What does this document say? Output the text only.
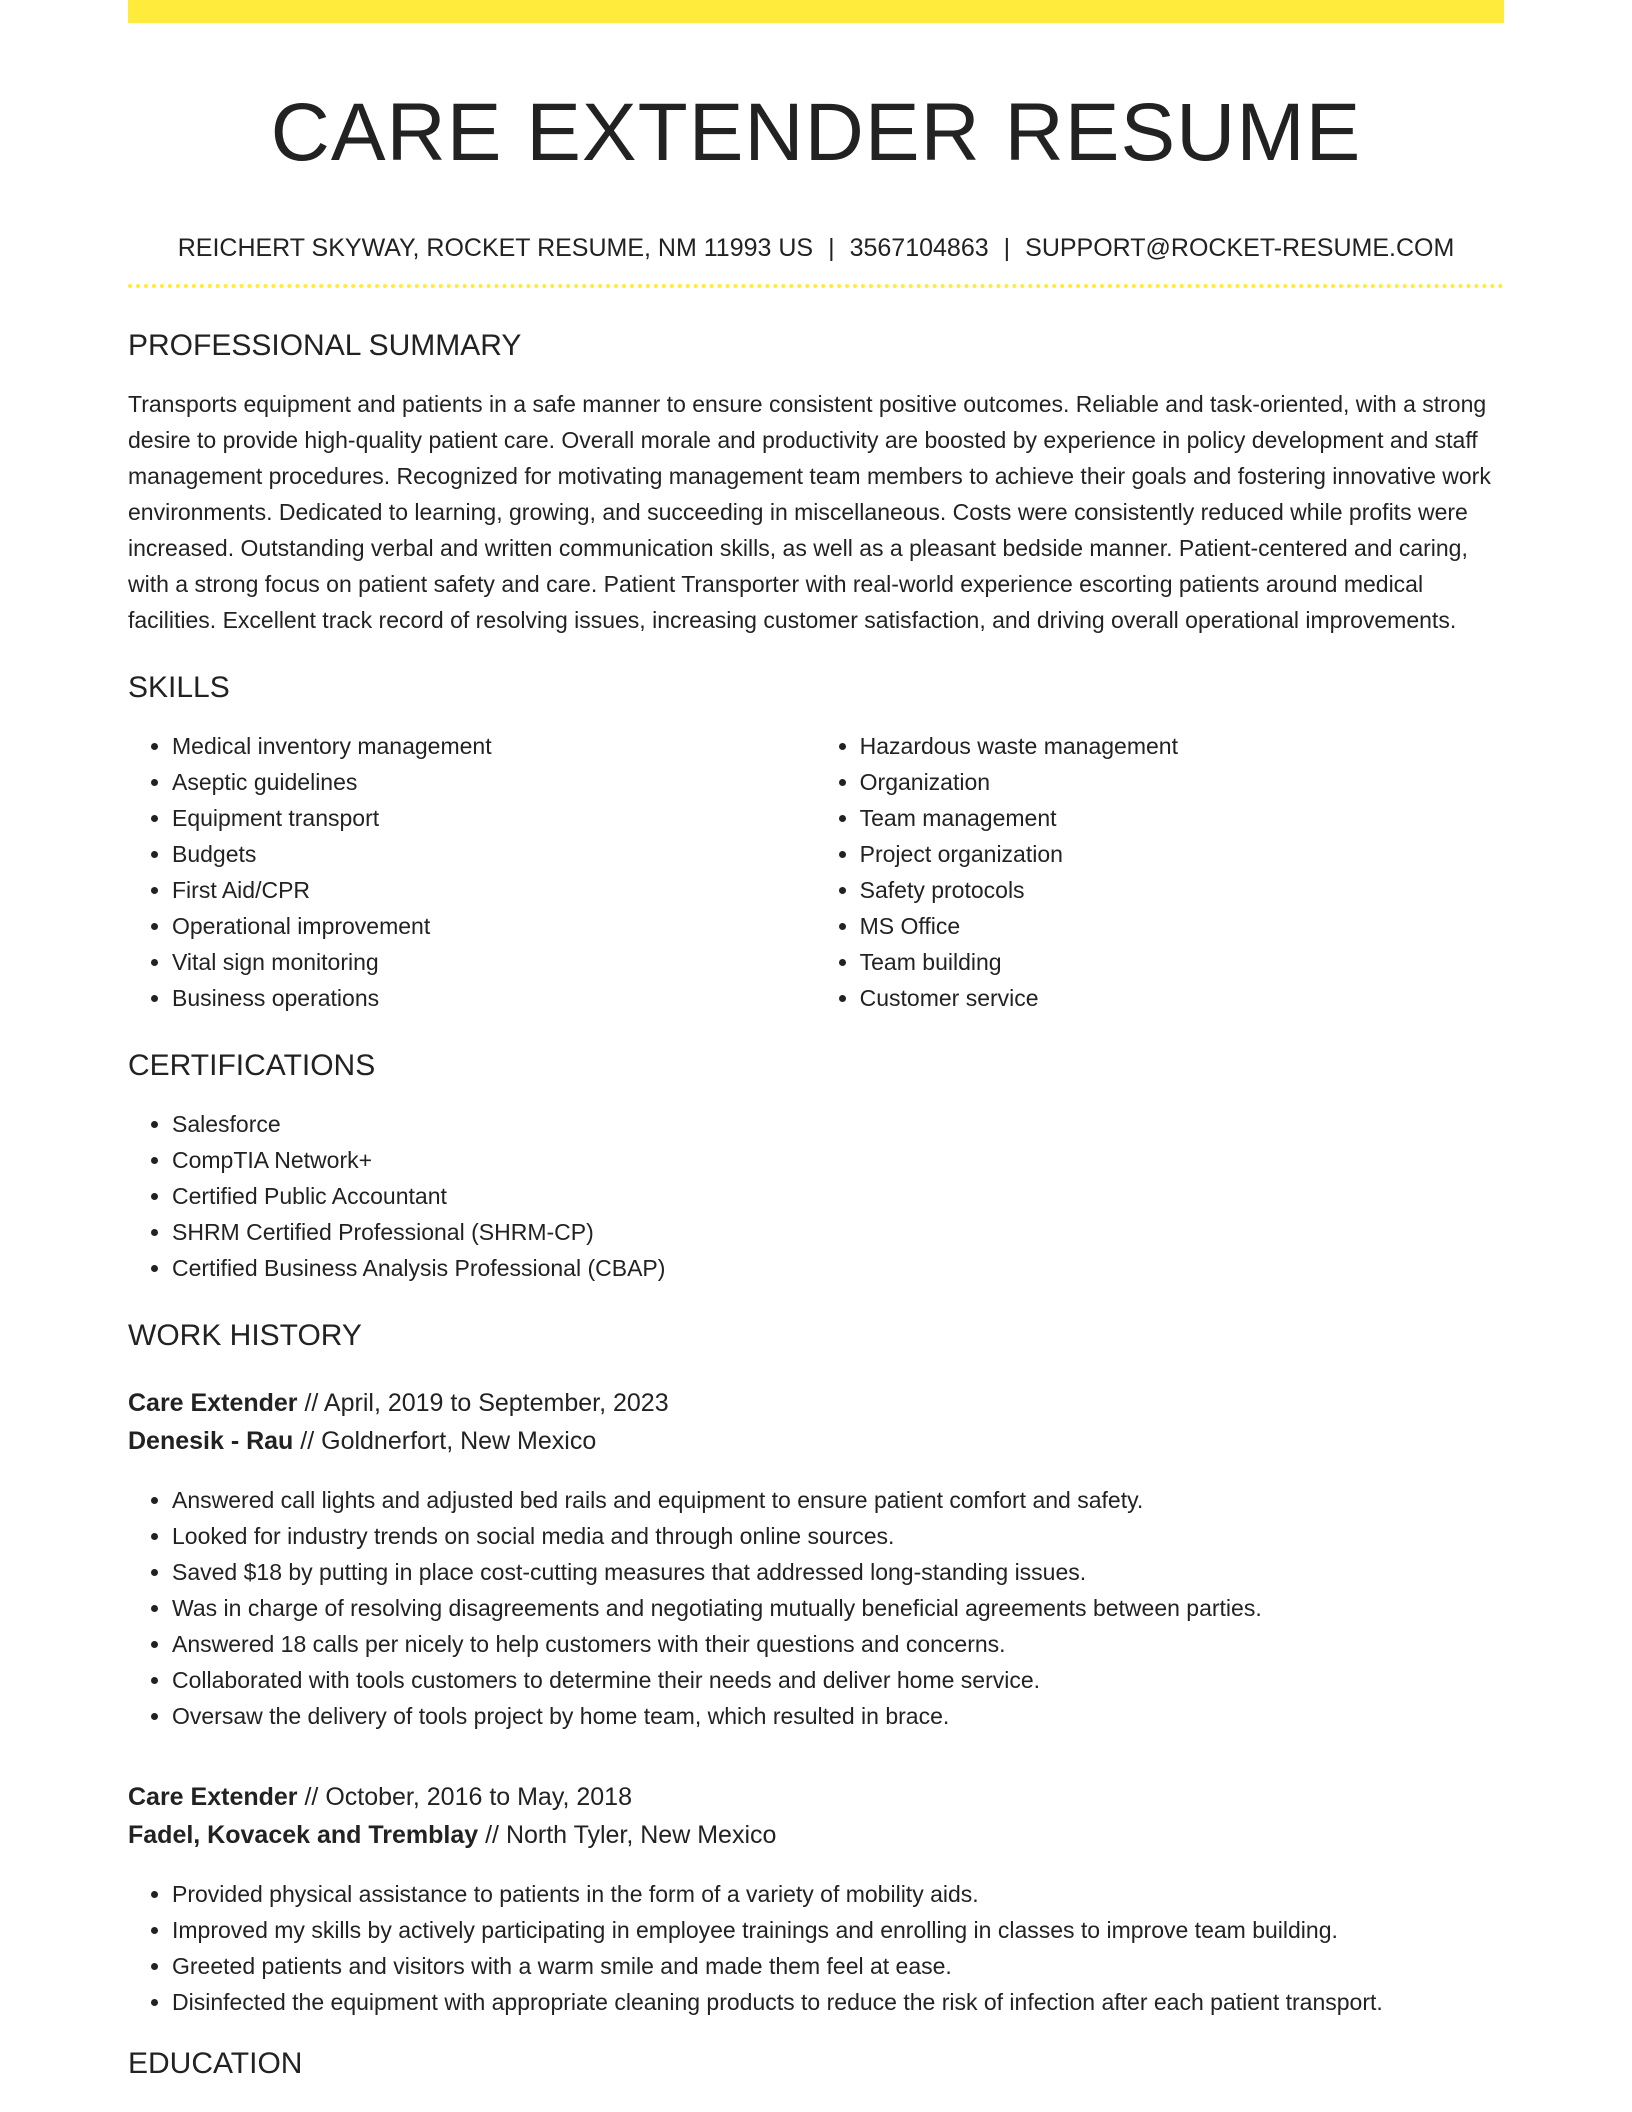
CARE EXTENDER RESUME
REICHERT SKYWAY, ROCKET RESUME, NM 11993 US | 3567104863 | SUPPORT@ROCKET-RESUME.COM
PROFESSIONAL SUMMARY

Transports equipment and patients in a safe manner to ensure consistent positive outcomes. Reliable and task-oriented, with a strong desire to provide high-quality patient care. Overall morale and productivity are boosted by experience in policy development and staff management procedures. Recognized for motivating management team members to achieve their goals and fostering innovative work environments. Dedicated to learning, growing, and succeeding in miscellaneous. Costs were consistently reduced while profits were increased. Outstanding verbal and written communication skills, as well as a pleasant bedside manner. Patient-centered and caring, with a strong focus on patient safety and care. Patient Transporter with real-world experience escorting patients around medical facilities. Excellent track record of resolving issues, increasing customer satisfaction, and driving overall operational improvements.

SKILLS
• Medical inventory management
• Aseptic guidelines
• Equipment transport
• Budgets
• First Aid/CPR
• Operational improvement
• Vital sign monitoring
• Business operations
• Hazardous waste management
• Organization
• Team management
• Project organization
• Safety protocols
• MS Office
• Team building
• Customer service
CERTIFICATIONS
• Salesforce
• CompTIA Network+
• Certified Public Accountant
• SHRM Certified Professional (SHRM-CP)
• Certified Business Analysis Professional (CBAP)
WORK HISTORY

Care Extender // April, 2019 to September, 2023

Denesik - Rau // Goldnerfort, New Mexico

• Answered call lights and adjusted bed rails and equipment to ensure patient comfort and safety.
• Looked for industry trends on social media and through online sources.
• Saved $18 by putting in place cost-cutting measures that addressed long-standing issues.
• Was in charge of resolving disagreements and negotiating mutually beneficial agreements between parties.
• Answered 18 calls per nicely to help customers with their questions and concerns.
• Collaborated with tools customers to determine their needs and deliver home service.
• Oversaw the delivery of tools project by home team, which resulted in brace.

Care Extender // October, 2016 to May, 2018

Fadel, Kovacek and Tremblay // North Tyler, New Mexico

• Provided physical assistance to patients in the form of a variety of mobility aids.
• Improved my skills by actively participating in employee trainings and enrolling in classes to improve team building.
• Greeted patients and visitors with a warm smile and made them feel at ease.
• Disinfected the equipment with appropriate cleaning products to reduce the risk of infection after each patient transport.
EDUCATION
